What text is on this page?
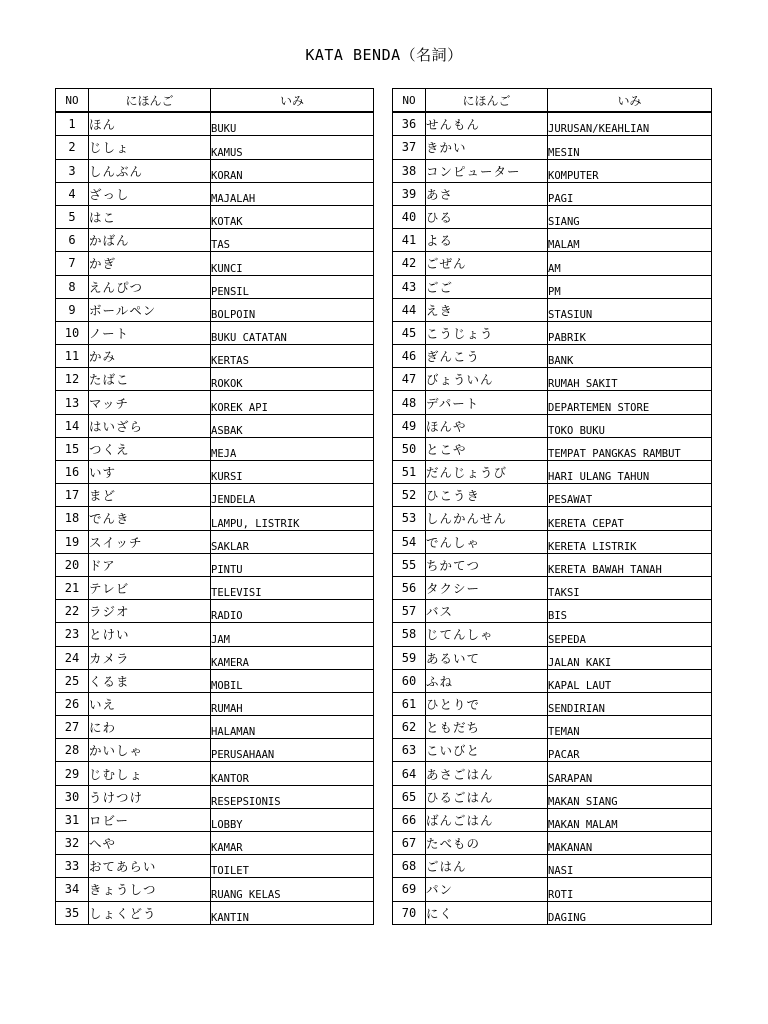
KATA BENDA（名詞）
NO	にほんご	いみ
1	ほん	BUKU
2	じしょ	KAMUS
3	しんぶん	KORAN
4	ざっし	MAJALAH
5	はこ	KOTAK
6	かばん	TAS
7	かぎ	KUNCI
8	えんぴつ	PENSIL
9	ボールペン	BOLPOIN
10	ノート	BUKU CATATAN
11	かみ	KERTAS
12	たばこ	ROKOK
13	マッチ	KOREK API
14	はいざら	ASBAK
15	つくえ	MEJA
16	いす	KURSI
17	まど	JENDELA
18	でんき	LAMPU, LISTRIK
19	スイッチ	SAKLAR
20	ドア	PINTU
21	テレビ	TELEVISI
22	ラジオ	RADIO
23	とけい	JAM
24	カメラ	KAMERA
25	くるま	MOBIL
26	いえ	RUMAH
27	にわ	HALAMAN
28	かいしゃ	PERUSAHAAN
29	じむしょ	KANTOR
30	うけつけ	RESEPSIONIS
31	ロビー	LOBBY
32	へや	KAMAR
33	おてあらい	TOILET
34	きょうしつ	RUANG KELAS
35	しょくどう	KANTIN
NO	にほんご	いみ
36	せんもん	JURUSAN/KEAHLIAN
37	きかい	MESIN
38	コンピューター	KOMPUTER
39	あさ	PAGI
40	ひる	SIANG
41	よる	MALAM
42	ごぜん	AM
43	ごご	PM
44	えき	STASIUN
45	こうじょう	PABRIK
46	ぎんこう	BANK
47	びょういん	RUMAH SAKIT
48	デパート	DEPARTEMEN STORE
49	ほんや	TOKO BUKU
50	とこや	TEMPAT PANGKAS RAMBUT
51	だんじょうび	HARI ULANG TAHUN
52	ひこうき	PESAWAT
53	しんかんせん	KERETA CEPAT
54	でんしゃ	KERETA LISTRIK
55	ちかてつ	KERETA BAWAH TANAH
56	タクシー	TAKSI
57	バス	BIS
58	じてんしゃ	SEPEDA
59	あるいて	JALAN KAKI
60	ふね	KAPAL LAUT
61	ひとりで	SENDIRIAN
62	ともだち	TEMAN
63	こいびと	PACAR
64	あさごはん	SARAPAN
65	ひるごはん	MAKAN SIANG
66	ばんごはん	MAKAN MALAM
67	たべもの	MAKANAN
68	ごはん	NASI
69	パン	ROTI
70	にく	DAGING
